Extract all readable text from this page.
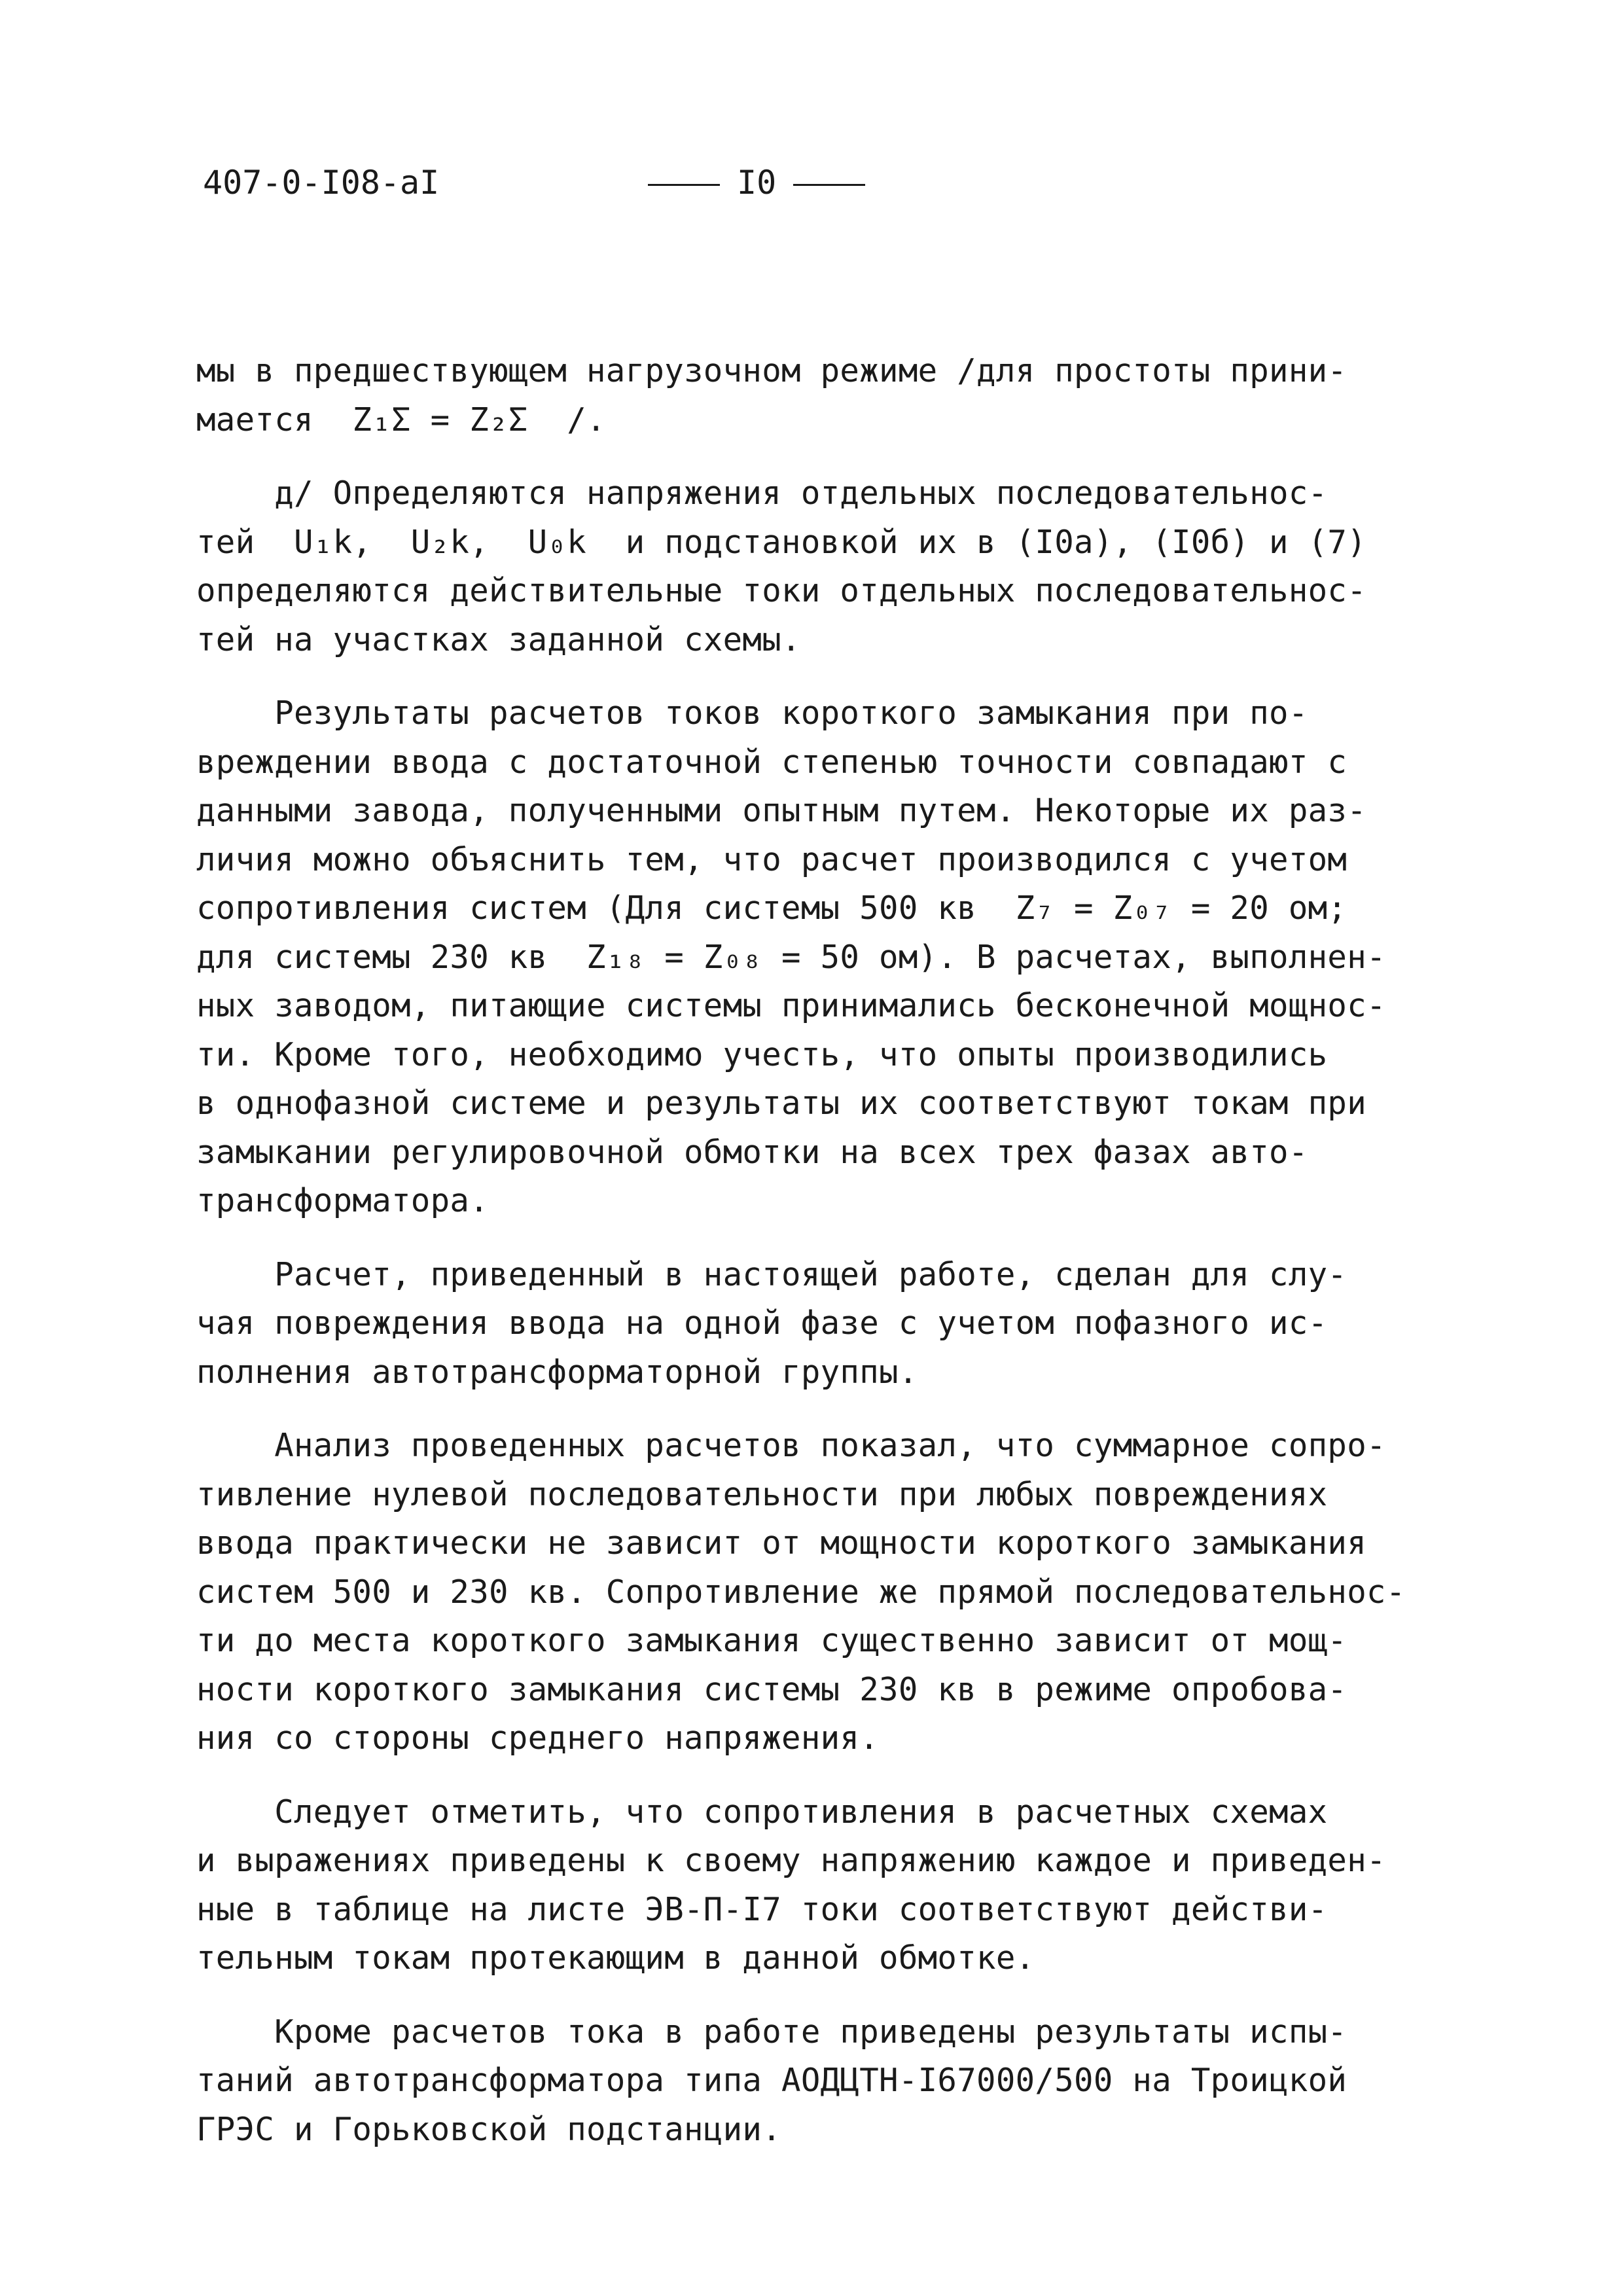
407-0-I08-aI	I0
мы в предшествующем нагрузочном режиме /для простоты прини-
мается  Z₁Σ = Z₂Σ  /.
д/ Определяются напряжения отдельных последовательнос-
тей  U₁k,  U₂k,  U₀k  и подстановкой их в (I0a), (I0б) и (7)
определяются действительные токи отдельных последовательнос-
тей на участках заданной схемы.
Результаты расчетов токов короткого замыкания при по-
вреждении ввода с достаточной степенью точности совпадают с
данными завода, полученными опытным путем. Некоторые их раз-
личия можно объяснить тем, что расчет производился с учетом
сопротивления систем (Для системы 500 кв  Z₇ = Z₀₇ = 20 ом;
для системы 230 кв  Z₁₈ = Z₀₈ = 50 ом). В расчетах, выполнен-
ных заводом, питающие системы принимались бесконечной мощнос-
ти. Кроме того, необходимо учесть, что опыты производились
в однофазной системе и результаты их соответствуют токам при
замыкании регулировочной обмотки на всех трех фазах авто-
трансформатора.
Расчет, приведенный в настоящей работе, сделан для слу-
чая повреждения ввода на одной фазе с учетом пофазного ис-
полнения автотрансформаторной группы.
Анализ проведенных расчетов показал, что суммарное сопро-
тивление нулевой последовательности при любых повреждениях
ввода практически не зависит от мощности короткого замыкания
систем 500 и 230 кв. Сопротивление же прямой последовательнос-
ти до места короткого замыкания существенно зависит от мощ-
ности короткого замыкания системы 230 кв в режиме опробова-
ния со стороны среднего напряжения.
Следует отметить, что сопротивления в расчетных схемах
и выражениях приведены к своему напряжению каждое и приведен-
ные в таблице на листе ЭВ-П-I7 токи соответствуют действи-
тельным токам протекающим в данной обмотке.
Кроме расчетов тока в работе приведены результаты испы-
таний автотрансформатора типа АОДЦТН-I67000/500 на Троицкой
ГРЭС и Горьковской подстанции.
